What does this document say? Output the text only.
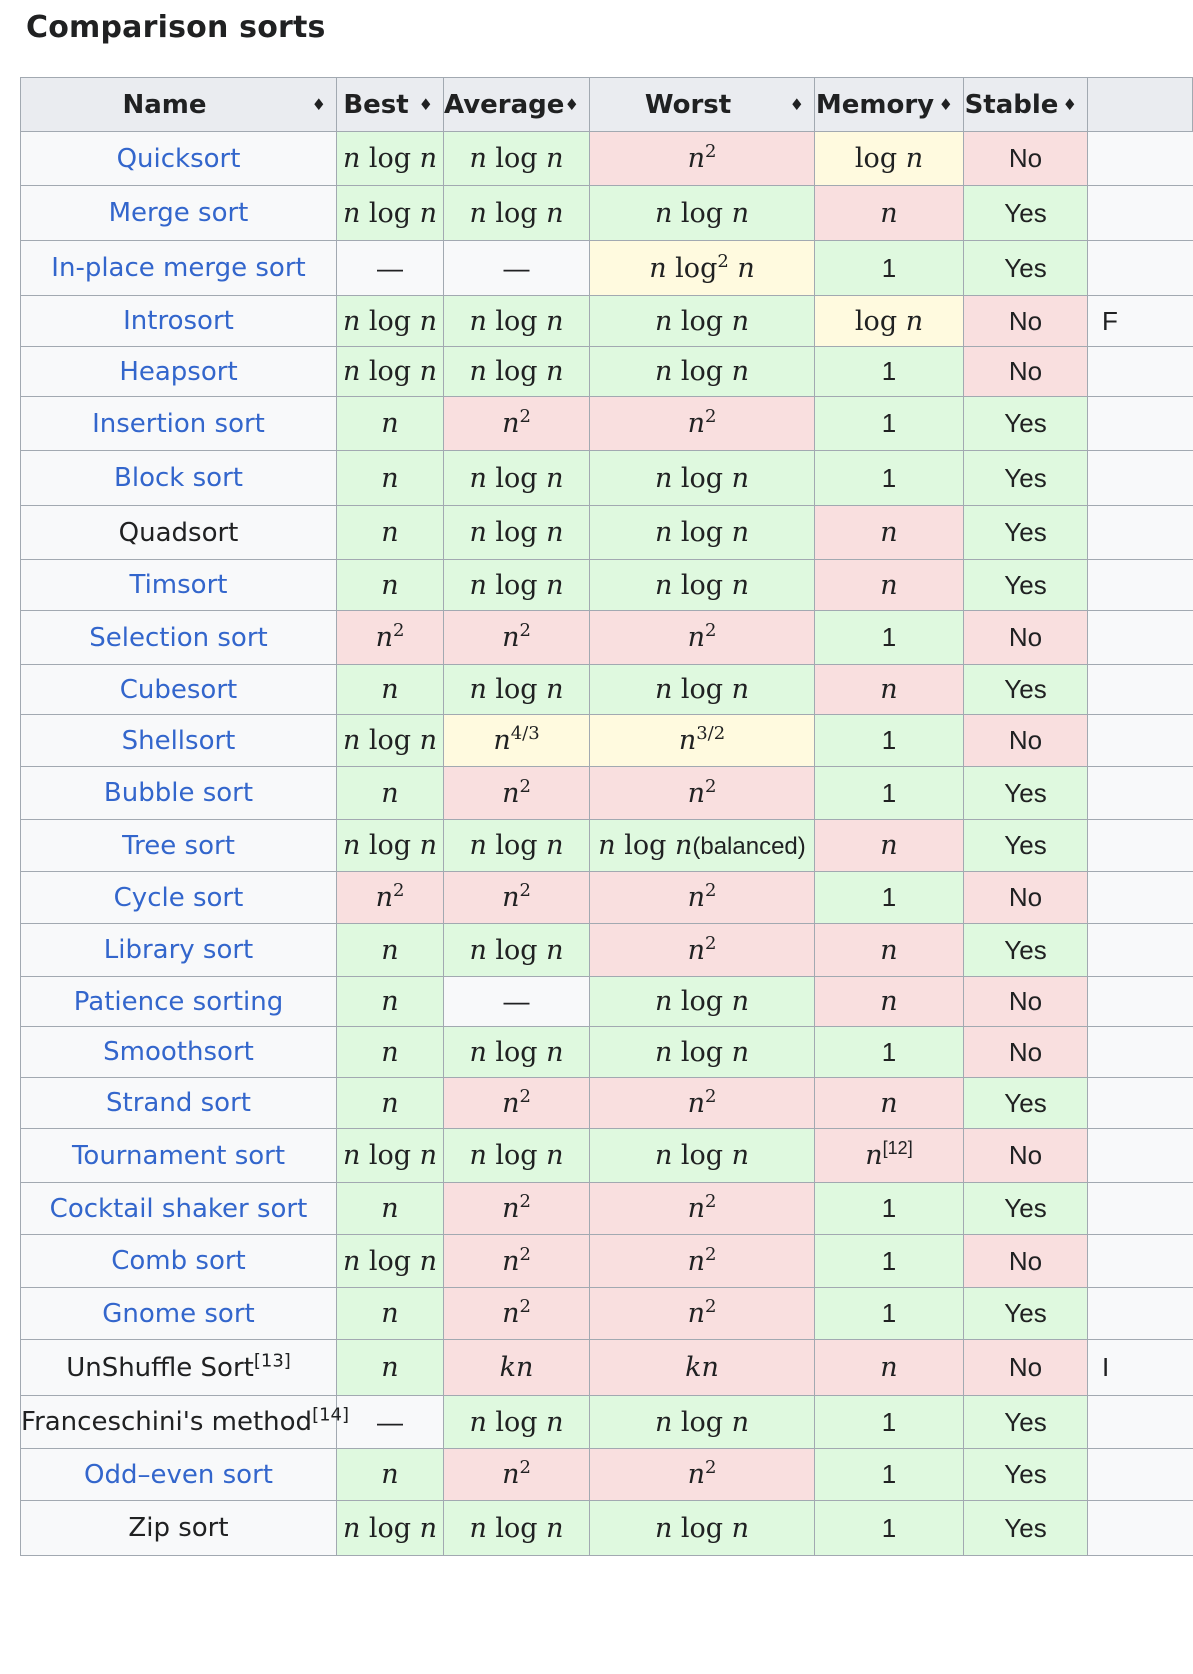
Comparison sorts
Name ♦	Best ♦	Average ♦	Worst ♦	Memory ♦	Stable ♦	

Quicksort	n log n	n log n	$n^2$	log n	No	
Merge sort	n log n	n log n	n log n	n	Yes	
In-place merge sort	—	—	n $\log^2 n$	1	Yes	
Introsort	n log n	n log n	n log n	log n	No	F
Heapsort	n log n	n log n	n log n	1	No	
Insertion sort	n	$n^2$	$n^2$	1	Yes	
Block sort	n	n log n	n log n	1	Yes	
Quadsort	n	n log n	n log n	n	Yes	
Timsort	n	n log n	n log n	n	Yes	
Selection sort	$n^2$	$n^2$	$n^2$	1	No	
Cubesort	n	n log n	n log n	n	Yes	
Shellsort	n log n	$n^{4/3}$	$n^{3/2}$	1	No	
Bubble sort	n	$n^2$	$n^2$	1	Yes	
Tree sort	n log n	n log n	n log n(balanced)	n	Yes	
Cycle sort	$n^2$	$n^2$	$n^2$	1	No	
Library sort	n	n log n	$n^2$	n	Yes	
Patience sorting	n	—	n log n	n	No	
Smoothsort	n	n log n	n log n	1	No	
Strand sort	n	$n^2$	$n^2$	n	Yes	
Tournament sort	n log n	n log n	n log n	n[12]	No	
Cocktail shaker sort	n	$n^2$	$n^2$	1	Yes	
Comb sort	n log n	$n^2$	$n^2$	1	No	
Gnome sort	n	$n^2$	$n^2$	1	Yes	
UnShuffle Sort[13]	n	kn	kn	n	No	I
Franceschini's method[14]	—	n log n	n log n	1	Yes	
Odd–even sort	n	$n^2$	$n^2$	1	Yes	
Zip sort	n log n	n log n	n log n	1	Yes	
